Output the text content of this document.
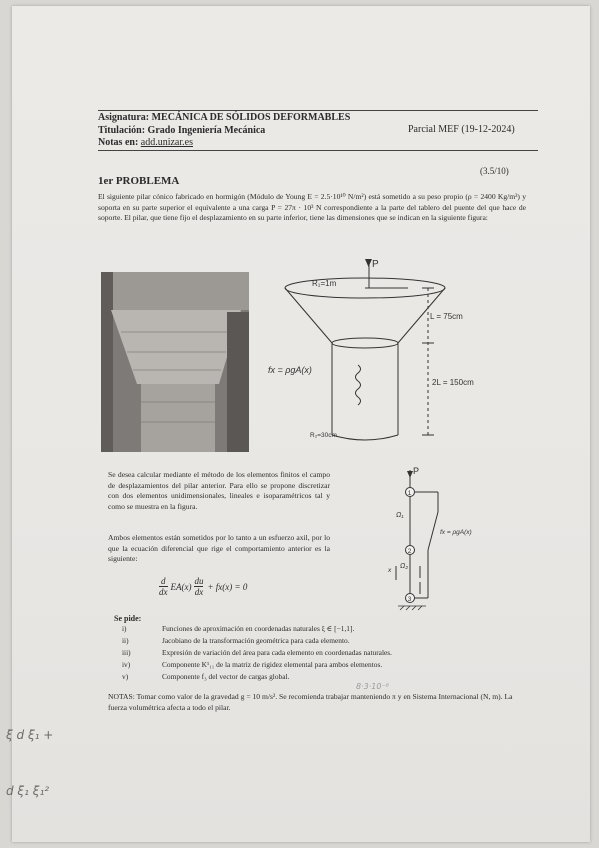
Asignatura: MECÁNICA DE SÓLIDOS DEFORMABLES
Titulación: Grado Ingeniería Mecánica
Notas en: add.unizar.es
Parcial MEF (19-12-2024)
1er PROBLEMA
(3.5/10)
El siguiente pilar cónico fabricado en hormigón (Módulo de Young E = 2.5·10¹⁰ N/m²) está sometido a su peso propio (ρ = 2400 Kg/m³) y soporta en su parte superior el equivalente a una carga P = 27π · 10³ N correspondiente a la parte del tablero del puente del que hace de soporte. El pilar, que tiene fijo el desplazamiento en su parte inferior, tiene las dimensiones que se indican en la siguiente figura:
P
R₁=1m
L = 75cm
2L = 150cm
fx = ρgA(x)
R₂=30cm
Se desea calcular mediante el método de los elementos finitos el campo de desplazamientos del pilar anterior. Para ello se propone discretizar con dos elementos unidimensionales, lineales e isoparamétricos tal y como se muestra en la figura.
Ambos elementos están sometidos por lo tanto a un esfuerzo axil, por lo que la ecuación diferencial que rige el comportamiento anterior es la siguiente:
d
dx
	EA(x)	
du
dx
	+ fx(x) = 0
P
1
2
3
Ω₁
Ω₂
fx = ρgA(x)
x
Se pide:
i)	Funciones de aproximación en coordenadas naturales ξ ∈ [−1,1].
ii)	Jacobiano de la transformación geométrica para cada elemento.
iii)	Expresión de variación del área para cada elemento en coordenadas naturales.
iv)	Componente K¹₁₁ de la matriz de rigidez elemental para ambos elementos.
v)	Componente f₃ del vector de cargas global.
NOTAS: Tomar como valor de la gravedad g = 10 m/s². Se recomienda trabajar manteniendo π y en Sistema Internacional (N, m). La fuerza volumétrica afecta a todo el pilar.
ξ d ξ₁ +
d ξ₁ ξ₁²
8·3·10⁻⁸
